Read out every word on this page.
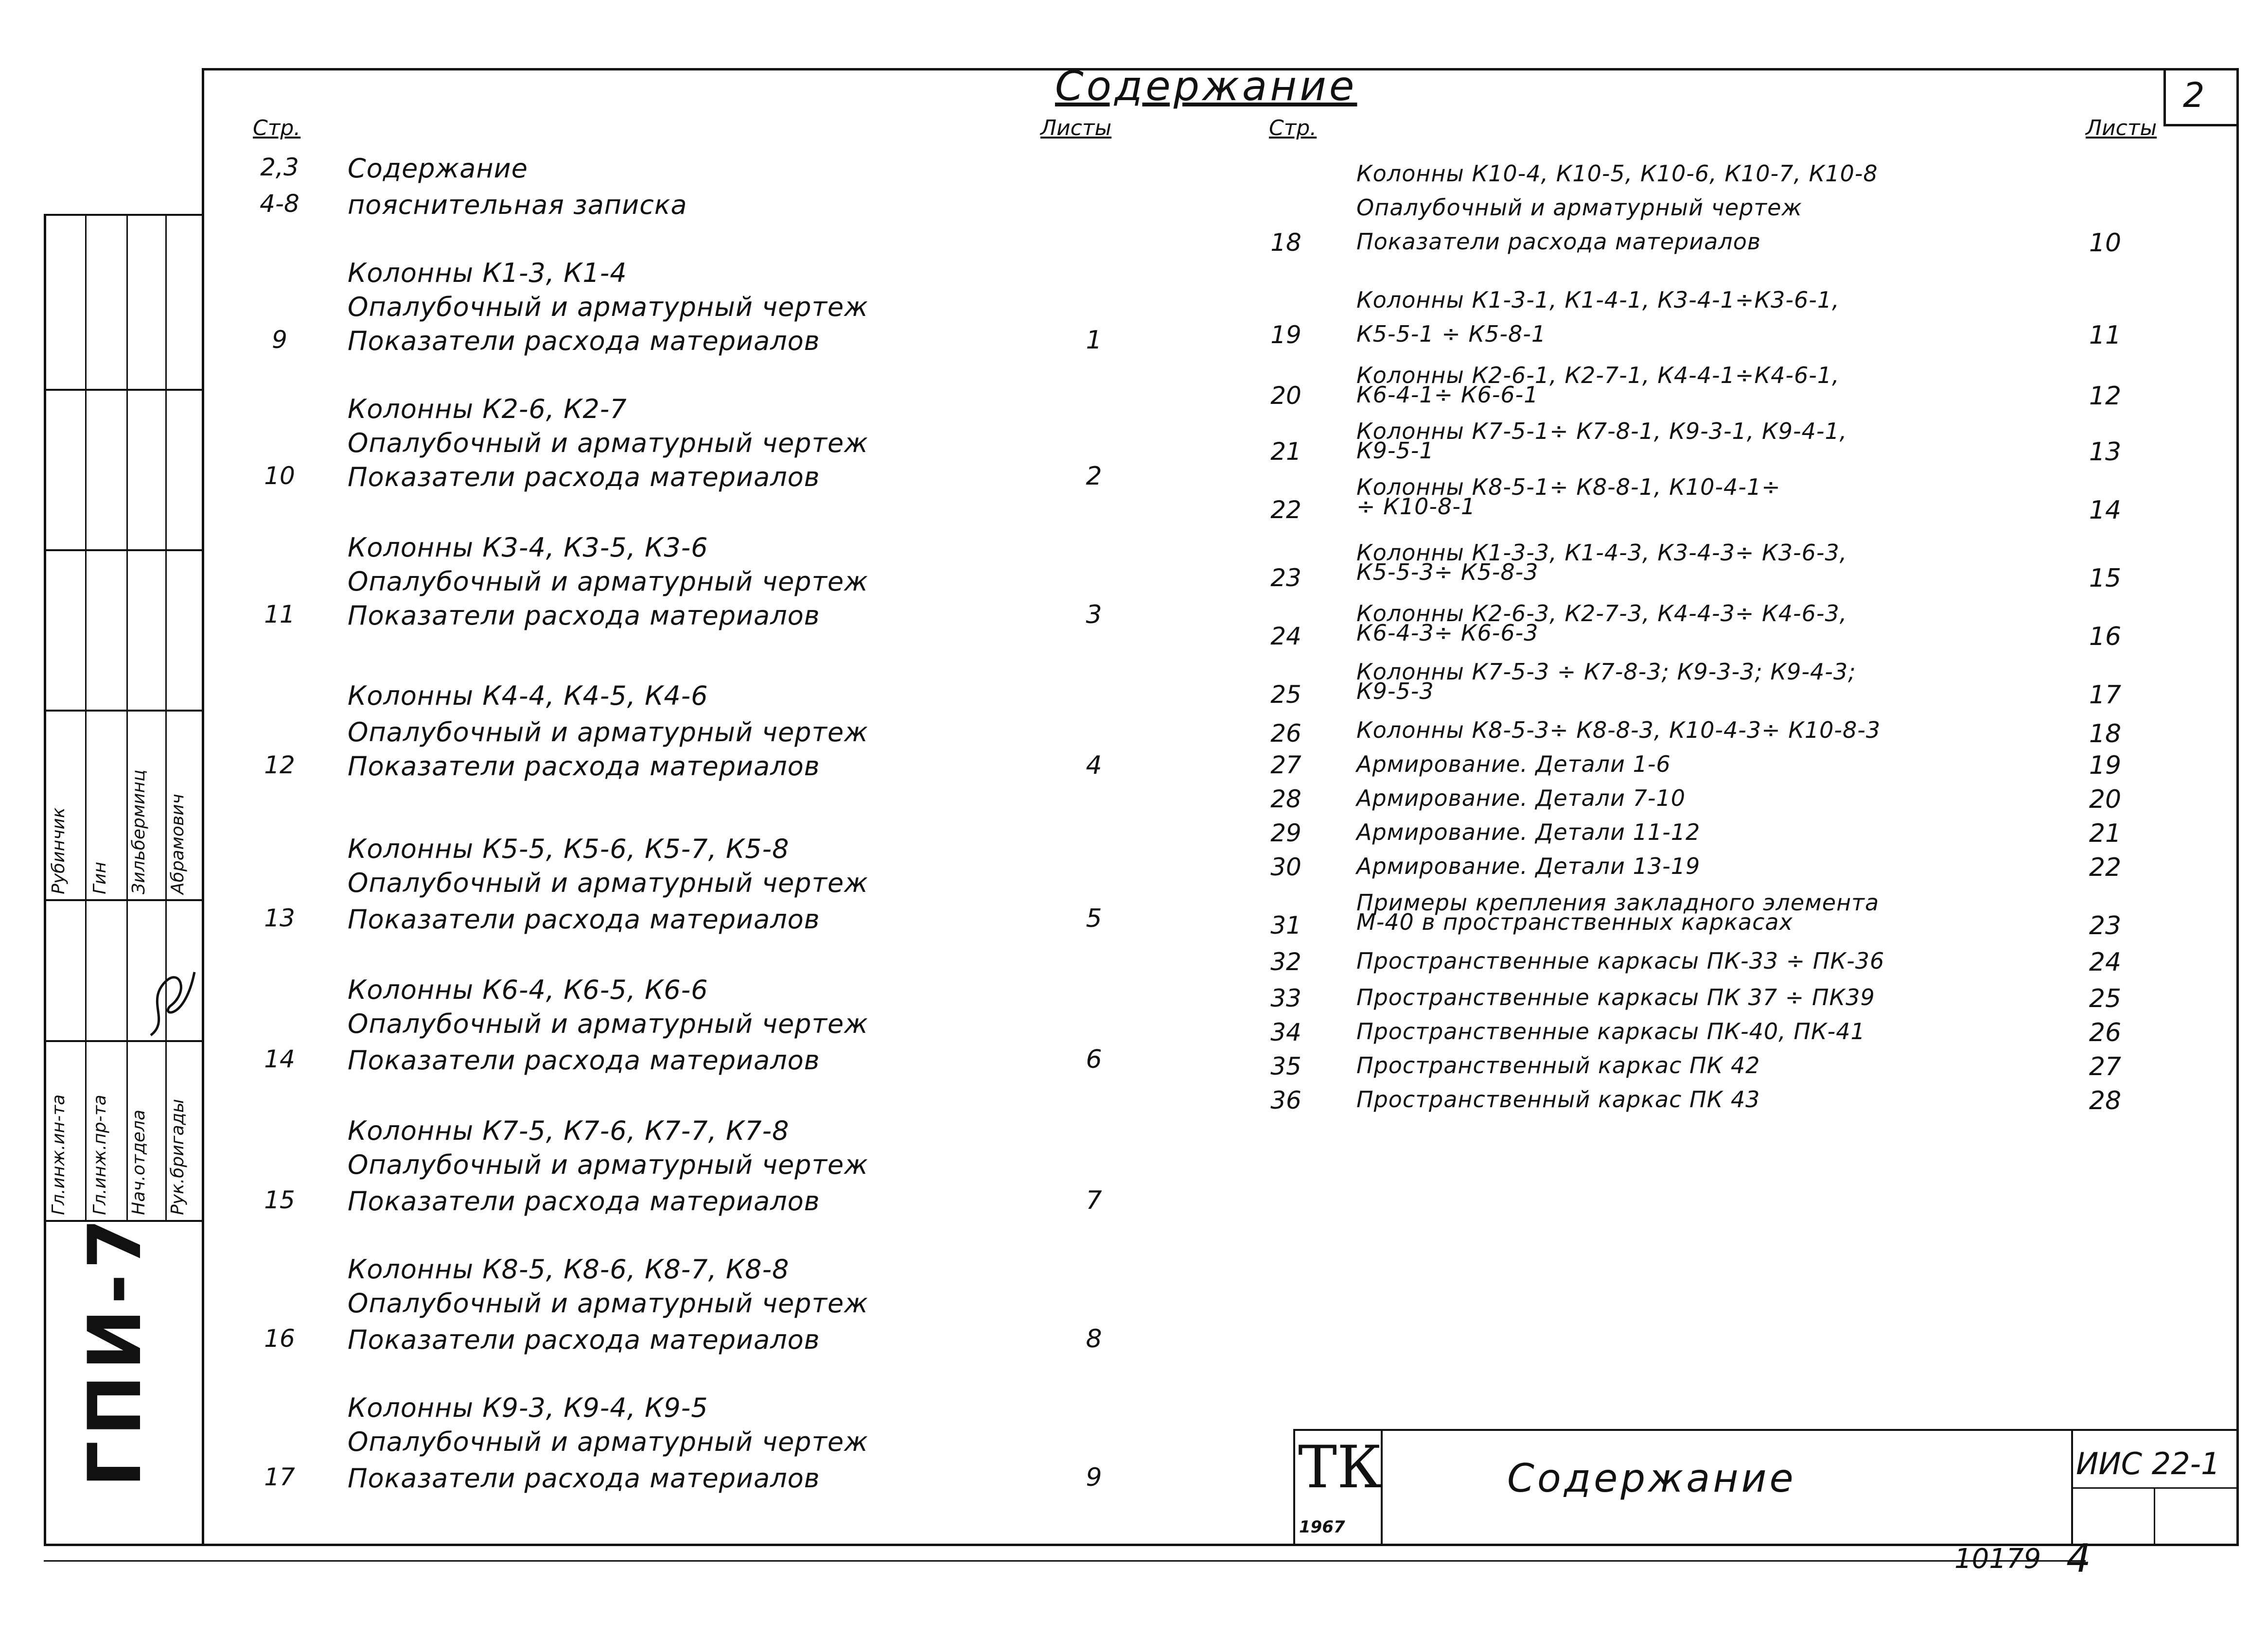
Содержание	2
Стр.	Листы	Стр.	Листы
2,3 Содержание
4-8 пояснительная записка
9
Колонны К1-3, К1-4
Опалубочный и арматурный чертеж
Показатели расхода материалов	1
10
Колонны К2-6, К2-7
Опалубочный и арматурный чертеж
Показатели расхода материалов	2
11
Колонны К3-4, К3-5, К3-6
Опалубочный и арматурный чертеж
Показатели расхода материалов	3
12
Колонны К4-4, К4-5, К4-6
Опалубочный и арматурный чертеж
Показатели расхода материалов	4
13
Колонны К5-5, К5-6, К5-7, К5-8
Опалубочный и арматурный чертеж
Показатели расхода материалов	5
14
Колонны К6-4, К6-5, К6-6
Опалубочный и арматурный чертеж
Показатели расхода материалов	6
15
Колонны К7-5, К7-6, К7-7, К7-8
Опалубочный и арматурный чертеж
Показатели расхода материалов	7
16
Колонны К8-5, К8-6, К8-7, К8-8
Опалубочный и арматурный чертеж
Показатели расхода материалов	8
17
Колонны К9-3, К9-4, К9-5
Опалубочный и арматурный чертеж
Показатели расхода материалов	9
18
Колонны К10-4, К10-5, К10-6, К10-7, К10-8
Опалубочный и арматурный чертеж
Показатели расхода материалов	10
19
Колонны К1-3-1, К1-4-1, К3-4-1÷К3-6-1,
К5-5-1 ÷ К5-8-1	11
20
Колонны К2-6-1, К2-7-1, К4-4-1÷К4-6-1,
К6-4-1÷ К6-6-1	12
21
Колонны К7-5-1÷ К7-8-1, К9-3-1, К9-4-1,
К9-5-1	13
22
Колонны К8-5-1÷ К8-8-1, К10-4-1÷
÷ К10-8-1	14
23
Колонны К1-3-3, К1-4-3, К3-4-3÷ К3-6-3,
К5-5-3÷ К5-8-3	15
24
Колонны К2-6-3, К2-7-3, К4-4-3÷ К4-6-3,
К6-4-3÷ К6-6-3	16
25
Колонны К7-5-3 ÷ К7-8-3; К9-3-3; К9-4-3;
К9-5-3	17
26	Колонны К8-5-3÷ К8-8-3, К10-4-3÷ К10-8-3	18
27	Армирование. Детали 1-6	19
28	Армирование. Детали 7-10	20
29	Армирование. Детали 11-12	21
30	Армирование. Детали 13-19	22
31
Примеры крепления закладного элемента
М-40 в пространственных каркасах	23
32	Пространственные каркасы ПК-33 ÷ ПК-36	24
33	Пространственные каркасы ПК 37 ÷ ПК39	25
34	Пространственные каркасы ПК-40, ПК-41	26
35	Пространственный каркас ПК 42	27
36	Пространственный каркас ПК 43	28
Гл.инж.ин-та Гл.инж.пр-та Нач.отдела Рук.бригады
Рубинчик Гин Зильберминц Абрамович
ГПИ-7	ТК
1967
Содержание	ИИС 22-1
10179 4
